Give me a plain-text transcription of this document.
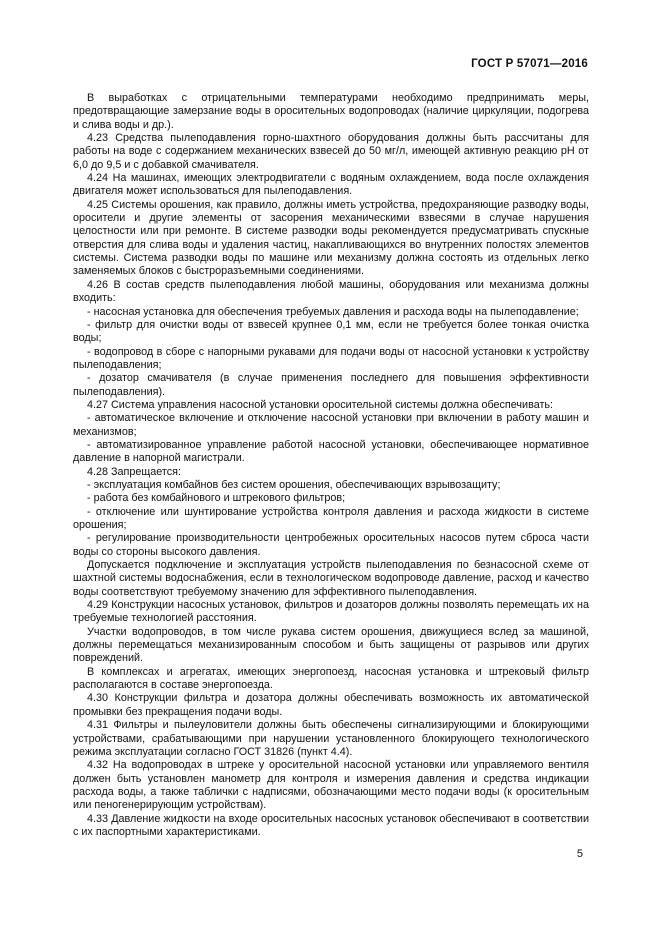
ГОСТ Р 57071—2016

В выработках с отрицательными температурами необходимо предпринимать меры, предотвращающие замерзание воды в оросительных водопроводах (наличие циркуляции, подогрева и слива воды и др.).

4.23 Средства пылеподавления горно-шахтного оборудования должны быть рассчитаны для работы на воде с содержанием механических взвесей до 50 мг/л, имеющей активную реакцию pH от 6,0 до 9,5 и с добавкой смачивателя.

4.24 На машинах, имеющих электродвигатели с водяным охлаждением, вода после охлаждения двигателя может использоваться для пылеподавления.

4.25 Системы орошения, как правило, должны иметь устройства, предохраняющие разводку воды, оросители и другие элементы от засорения механическими взвесями в случае нарушения целостности или при ремонте. В системе разводки воды рекомендуется предусматривать спускные отверстия для слива воды и удаления частиц, накапливающихся во внутренних полостях элементов системы. Система разводки воды по машине или механизму должна состоять из отдельных легко заменяемых блоков с быстроразъемными соединениями.

4.26 В состав средств пылеподавления любой машины, оборудования или механизма должны входить:

- насосная установка для обеспечения требуемых давления и расхода воды на пылеподавление;

- фильтр для очистки воды от взвесей крупнее 0,1 мм, если не требуется более тонкая очистка воды;

- водопровод в сборе с напорными рукавами для подачи воды от насосной установки к устройству пылеподавления;

- дозатор смачивателя (в случае применения последнего для повышения эффективности пылеподавления).

4.27 Система управления насосной установки оросительной системы должна обеспечивать:

- автоматическое включение и отключение насосной установки при включении в работу машин и механизмов;

- автоматизированное управление работой насосной установки, обеспечивающее нормативное давление в напорной магистрали.

4.28 Запрещается:

- эксплуатация комбайнов без систем орошения, обеспечивающих взрывозащиту;

- работа без комбайнового и штрекового фильтров;

- отключение или шунтирование устройства контроля давления и расхода жидкости в системе орошения;

- регулирование производительности центробежных оросительных насосов путем сброса части воды со стороны высокого давления.

Допускается подключение и эксплуатация устройств пылеподавления по безнасосной схеме от шахтной системы водоснабжения, если в технологическом водопроводе давление, расход и качество воды соответствуют требуемому значению для эффективного пылеподавления.

4.29 Конструкции насосных установок, фильтров и дозаторов должны позволять перемещать их на требуемые технологией расстояния.

Участки водопроводов, в том числе рукава систем орошения, движущиеся вслед за машиной, должны перемещаться механизированным способом и быть защищены от разрывов или других повреждений.

В комплексах и агрегатах, имеющих энергопоезд, насосная установка и штрековый фильтр располагаются в составе энергопоезда.

4.30 Конструкции фильтра и дозатора должны обеспечивать возможность их автоматической промывки без прекращения подачи воды.

4.31 Фильтры и пылеуловители должны быть обеспечены сигнализирующими и блокирующими устройствами, срабатывающими при нарушении установленного блокирующего технологического режима эксплуатации согласно ГОСТ 31826 (пункт 4.4).

4.32 На водопроводах в штреке у оросительной насосной установки или управляемого вентиля должен быть установлен манометр для контроля и измерения давления и средства индикации расхода воды, а также таблички с надписями, обозначающими место подачи воды (к оросительным или пеногенерирующим устройствам).

4.33 Давление жидкости на входе оросительных насосных установок обеспечивают в соответствии с их паспортными характеристиками.

5
